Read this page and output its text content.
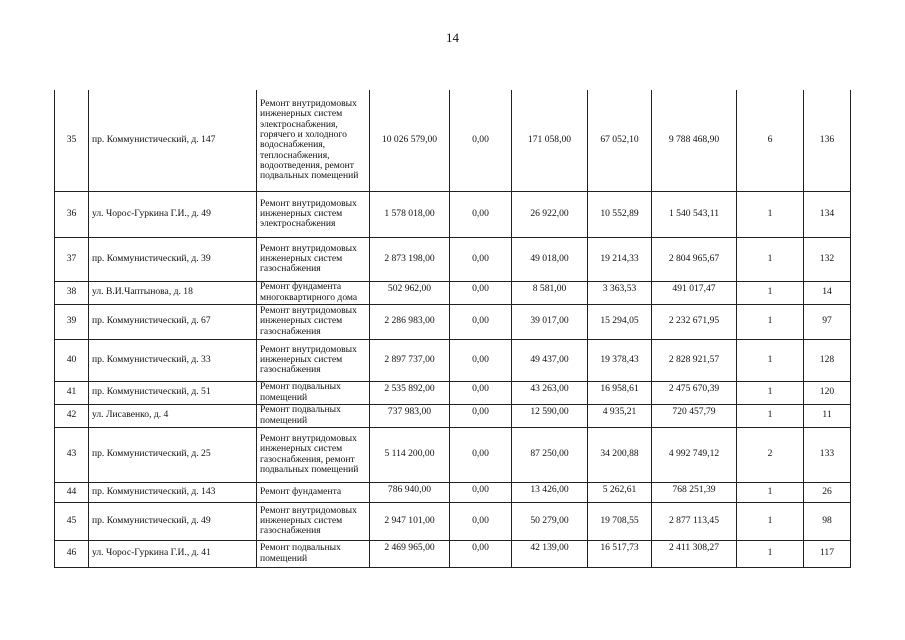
14
35	пр. Коммунистический, д. 147	Ремонт внутридомовых инженерных систем электроснабжения, горячего и холодного водоснабжения, теплоснабжения, водоотведения, ремонт подвальных помещений	10 026 579,00	0,00	171 058,00	67 052,10	9 788 468,90	6	136
36	ул. Чорос-Гуркина Г.И., д. 49	Ремонт внутридомовых инженерных систем электроснабжения	1 578 018,00	0,00	26 922,00	10 552,89	1 540 543,11	1	134
37	пр. Коммунистический, д. 39	Ремонт внутридомовых инженерных систем газоснабжения	2 873 198,00	0,00	49 018,00	19 214,33	2 804 965,67	1	132
38	ул. В.И.Чаптынова, д. 18	Ремонт фундамента многоквартирного дома	502 962,00	0,00	8 581,00	3 363,53	491 017,47	1	14
39	пр. Коммунистический, д. 67	Ремонт внутридомовых инженерных систем газоснабжения	2 286 983,00	0,00	39 017,00	15 294,05	2 232 671,95	1	97
40	пр. Коммунистический, д. 33	Ремонт внутридомовых инженерных систем газоснабжения	2 897 737,00	0,00	49 437,00	19 378,43	2 828 921,57	1	128
41	пр. Коммунистический, д. 51	Ремонт подвальных помещений	2 535 892,00	0,00	43 263,00	16 958,61	2 475 670,39	1	120
42	ул. Лисавенко, д. 4	Ремонт подвальных помещений	737 983,00	0,00	12 590,00	4 935,21	720 457,79	1	11
43	пр. Коммунистический, д. 25	Ремонт внутридомовых инженерных систем газоснабжения, ремонт подвальных помещений	5 114 200,00	0,00	87 250,00	34 200,88	4 992 749,12	2	133
44	пр. Коммунистический, д. 143	Ремонт фундамента	786 940,00	0,00	13 426,00	5 262,61	768 251,39	1	26
45	пр. Коммунистический, д. 49	Ремонт внутридомовых инженерных систем газоснабжения	2 947 101,00	0,00	50 279,00	19 708,55	2 877 113,45	1	98
46	ул. Чорос-Гуркина Г.И., д. 41	Ремонт подвальных помещений	2 469 965,00	0,00	42 139,00	16 517,73	2 411 308,27	1	117
